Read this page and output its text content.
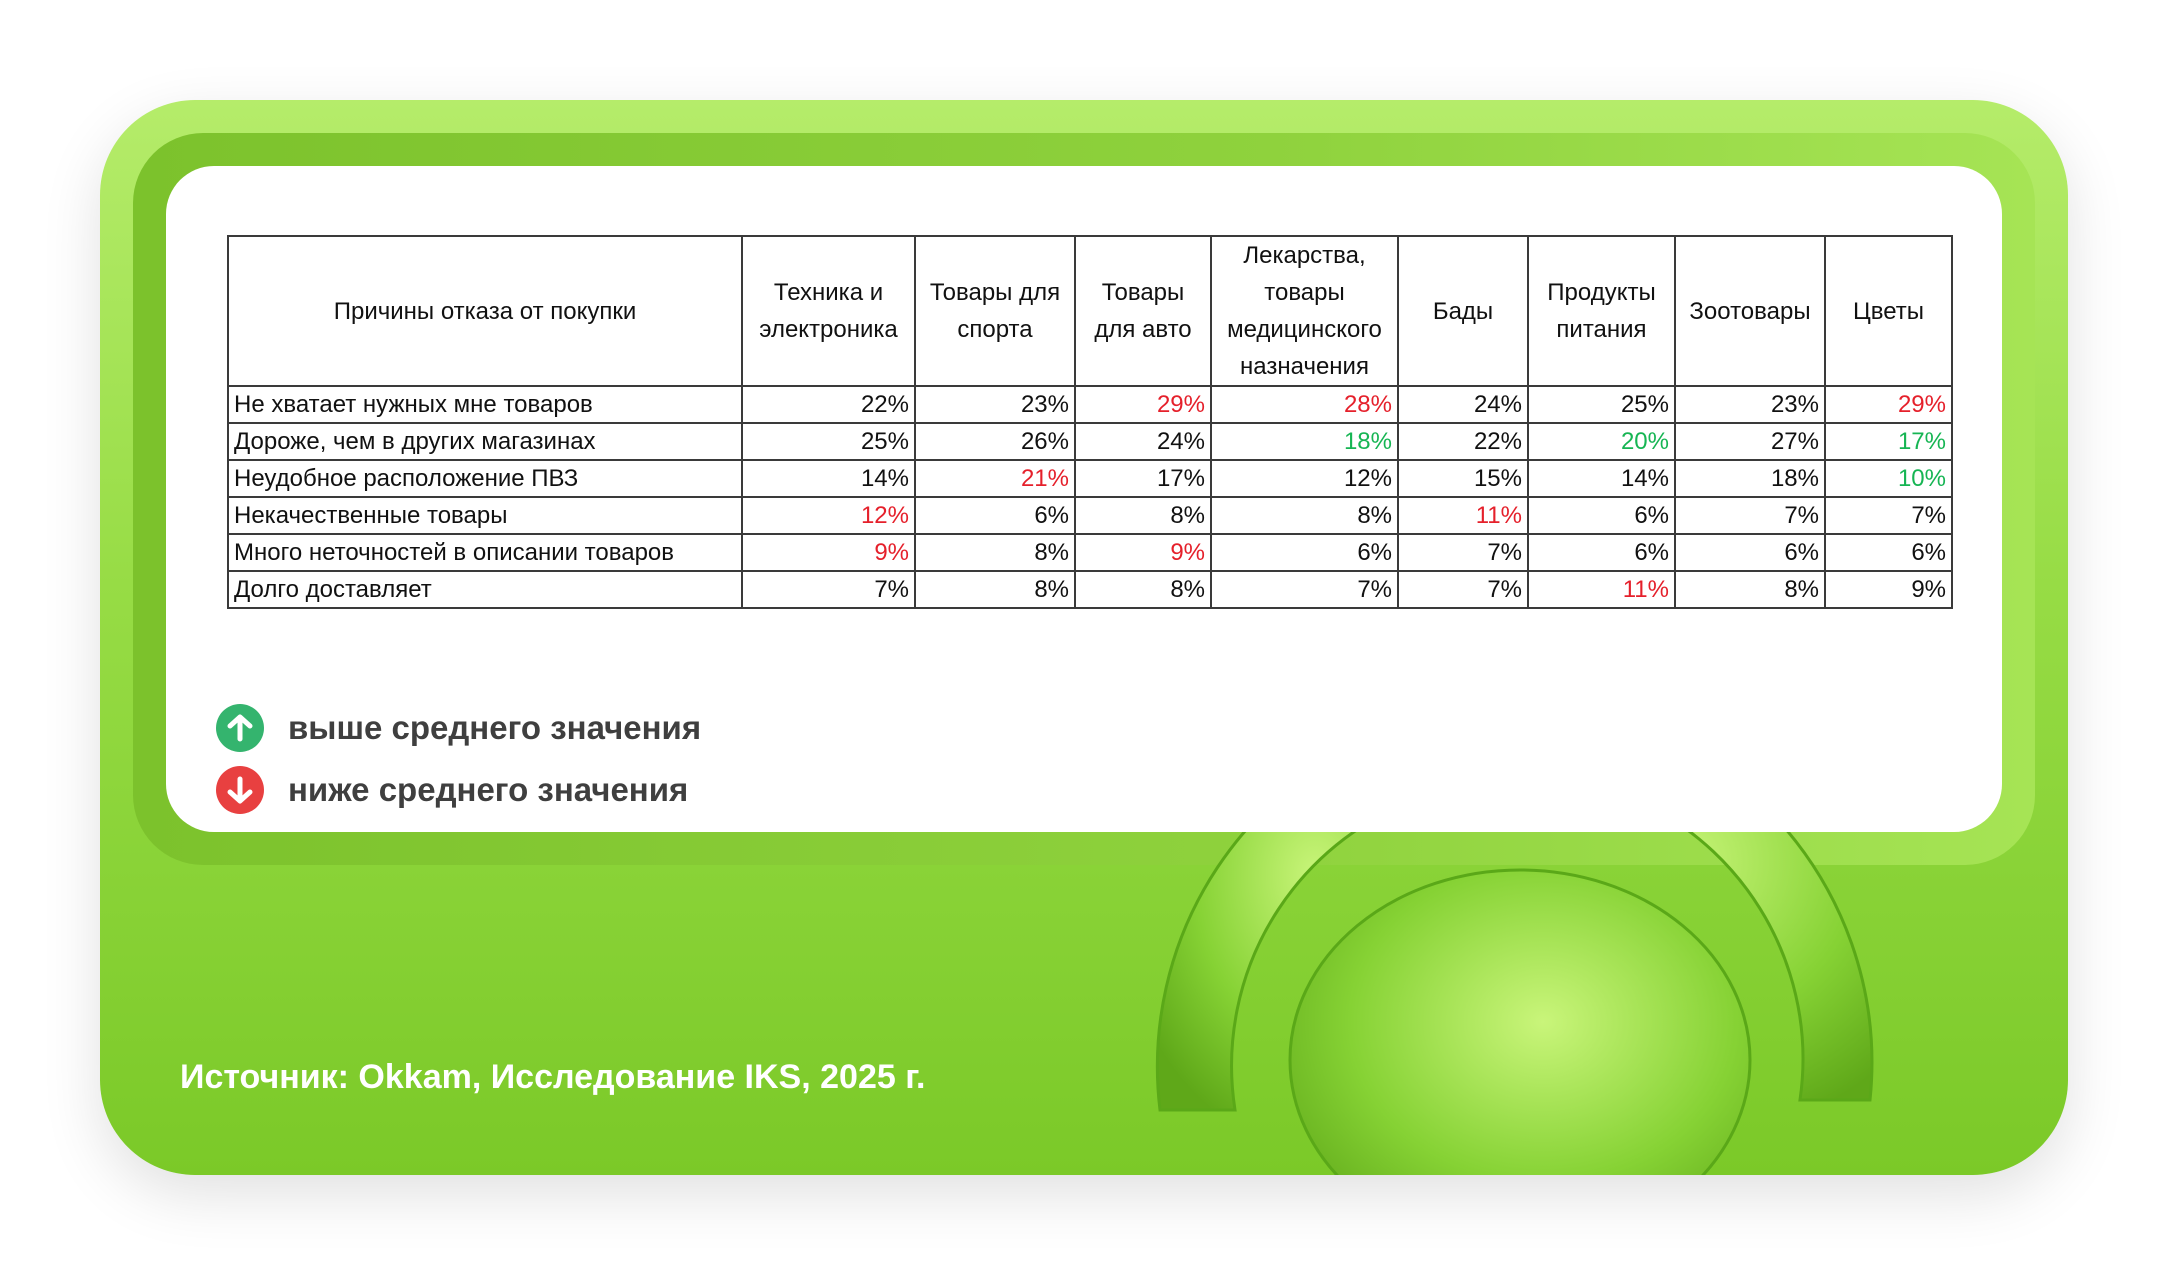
Причины отказа от покупки	Техника и электроника	Товары для спорта	Товары для авто	Лекарства, товары медицинского назначения	Бады	Продукты питания	Зоотовары	Цветы
Не хватает нужных мне товаров	22%	23%	29%	28%	24%	25%	23%	29%
Дороже, чем в других магазинах	25%	26%	24%	18%	22%	20%	27%	17%
Неудобное расположение ПВЗ	14%	21%	17%	12%	15%	14%	18%	10%
Некачественные товары	12%	6%	8%	8%	11%	6%	7%	7%
Много неточностей в описании товаров	9%	8%	9%	6%	7%	6%	6%	6%
Долго доставляет	7%	8%	8%	7%	7%	11%	8%	9%
выше среднего значения
ниже среднего значения
Источник: Okkam, Исследование IKS, 2025 г.
